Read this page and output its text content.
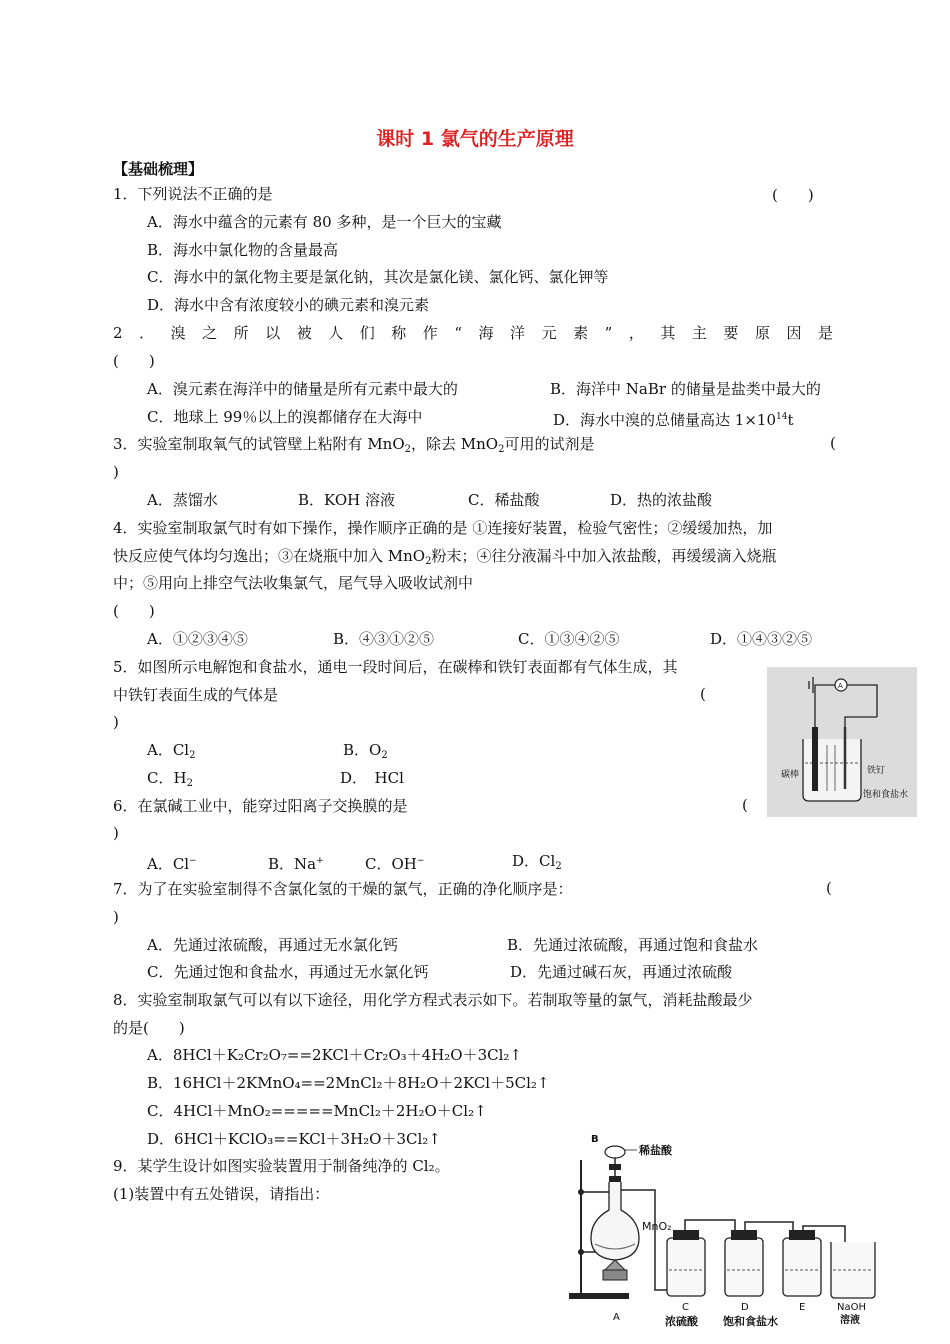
课时 1 氯气的生产原理
【基础梳理】
1．下列说法不正确的是	(　　)
A．海水中蕴含的元素有 80 多种，是一个巨大的宝藏
B．海水中氯化物的含量最高
C．海水中的氯化物主要是氯化钠，其次是氯化镁、氯化钙、氯化钾等
D．海水中含有浓度较小的碘元素和溴元素
2．溴之所以被人们称作“海洋元素”，其主要原因是
(　　)
A．溴元素在海洋中的储量是所有元素中最大的	B．海洋中 NaBr 的储量是盐类中最大的
C．地球上 99％以上的溴都储存在大海中	D．海水中溴的总储量高达 $1\times 10^{14}t$
3．实验室制取氧气的试管壁上粘附有 MnO$_2$，除去 MnO$_2$可用的试剂是	(
)
A．蒸馏水	B．KOH 溶液	C．稀盐酸	D．热的浓盐酸
4．实验室制取氯气时有如下操作，操作顺序正确的是 ①连接好装置，检验气密性；②缓缓加热，加
快反应使气体均匀逸出；③在烧瓶中加入 MnO$_2$粉末；④往分液漏斗中加入浓盐酸，再缓缓滴入烧瓶
中；⑤用向上排空气法收集氯气，尾气导入吸收试剂中
(　　)
A．①②③④⑤	B．④③①②⑤	C．①③④②⑤	D．①④③②⑤
5．如图所示电解饱和食盐水，通电一段时间后，在碳棒和铁钉表面都有气体生成，其
中铁钉表面生成的气体是	(
)
A．$Cl_2$	B．$O_2$
C．$H_2$	D．　HCl
A
碳棒	铁钉
饱和食盐水
6．在氯碱工业中，能穿过阳离子交换膜的是	(
)
A．Cl−	B．Na+	C．OH−	D．$Cl_2$
7．为了在实验室制得不含氯化氢的干燥的氯气，正确的净化顺序是：	(
)
A．先通过浓硫酸，再通过无水氯化钙	B．先通过浓硫酸，再通过饱和食盐水
C．先通过饱和食盐水，再通过无水氯化钙	D．先通过碱石灰，再通过浓硫酸
8．实验室制取氯气可以有以下途径，用化学方程式表示如下。若制取等量的氯气，消耗盐酸最少
的是(　　)
A．8HCl＋K₂Cr₂O₇==2KCl＋Cr₂O₃＋4H₂O＋3Cl₂↑
B．16HCl＋2KMnO₄==2MnCl₂＋8H₂O＋2KCl＋5Cl₂↑
C．4HCl＋MnO₂=====MnCl₂＋2H₂O＋Cl₂↑
D．6HCl＋KClO₃==KCl＋3H₂O＋3Cl₂↑
9．某学生设计如图实验装置用于制备纯净的 Cl₂。
(1)装置中有五处错误，请指出：
B
稀盐酸
MnO₂
A
C
浓硫酸
D
饱和食盐水
E	NaOH
溶液
